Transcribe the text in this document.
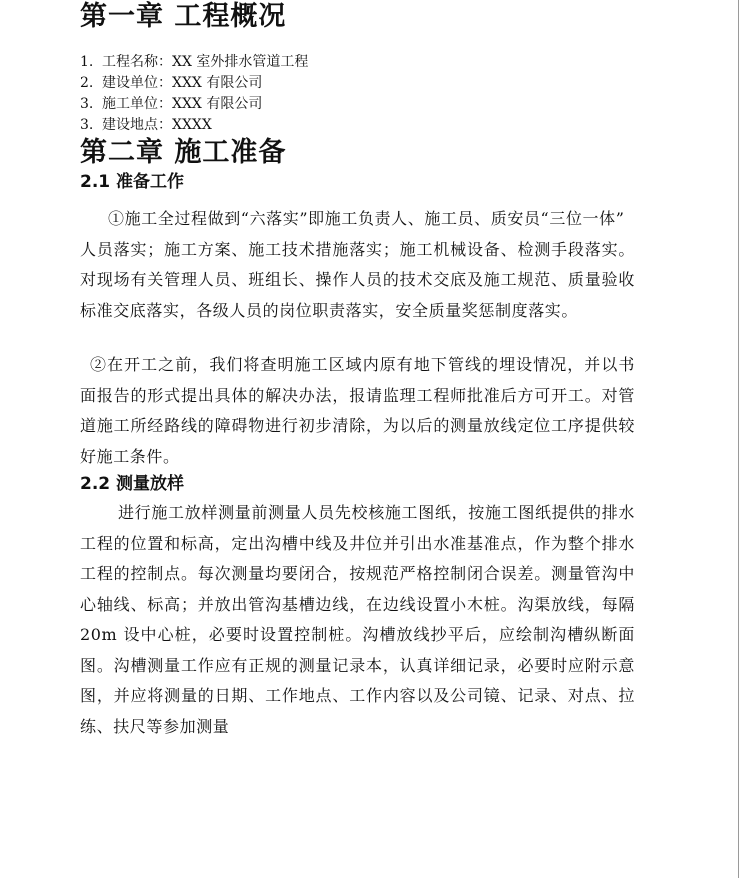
第一章 工程概况
1. 工程名称：XX 室外排水管道工程
2. 建设单位：XXX 有限公司
3. 施工单位：XXX 有限公司
3. 建设地点：XXXX
第二章 施工准备
2.1 准备工作

①施工全过程做到“六落实”即施工负责人、施工员、质安员“三位一体”

人员落实；施工方案、施工技术措施落实；施工机械设备、检测手段落实。对现场有关管理人员、班组长、操作人员的技术交底及施工规范、质量验收标准交底落实，各级人员的岗位职责落实，安全质量奖惩制度落实。

②在开工之前，我们将查明施工区域内原有地下管线的埋设情况，并以书面报告的形式提出具体的解决办法，报请监理工程师批准后方可开工。对管道施工所经路线的障碍物进行初步清除，为以后的测量放线定位工序提供较好施工条件。

2.2 测量放样

进行施工放样测量前测量人员先校核施工图纸，按施工图纸提供的排水工程的位置和标高，定出沟槽中线及井位并引出水准基准点，作为整个排水工程的控制点。每次测量均要闭合，按规范严格控制闭合误差。测量管沟中心轴线、标高；并放出管沟基槽边线，在边线设置小木桩。沟渠放线，每隔 20m 设中心桩，必要时设置控制桩。沟槽放线抄平后，应绘制沟槽纵断面图。沟槽测量工作应有正规的测量记录本，认真详细记录，必要时应附示意图，并应将测量的日期、工作地点、工作内容以及公司镜、记录、对点、拉练、扶尺等参加测量
